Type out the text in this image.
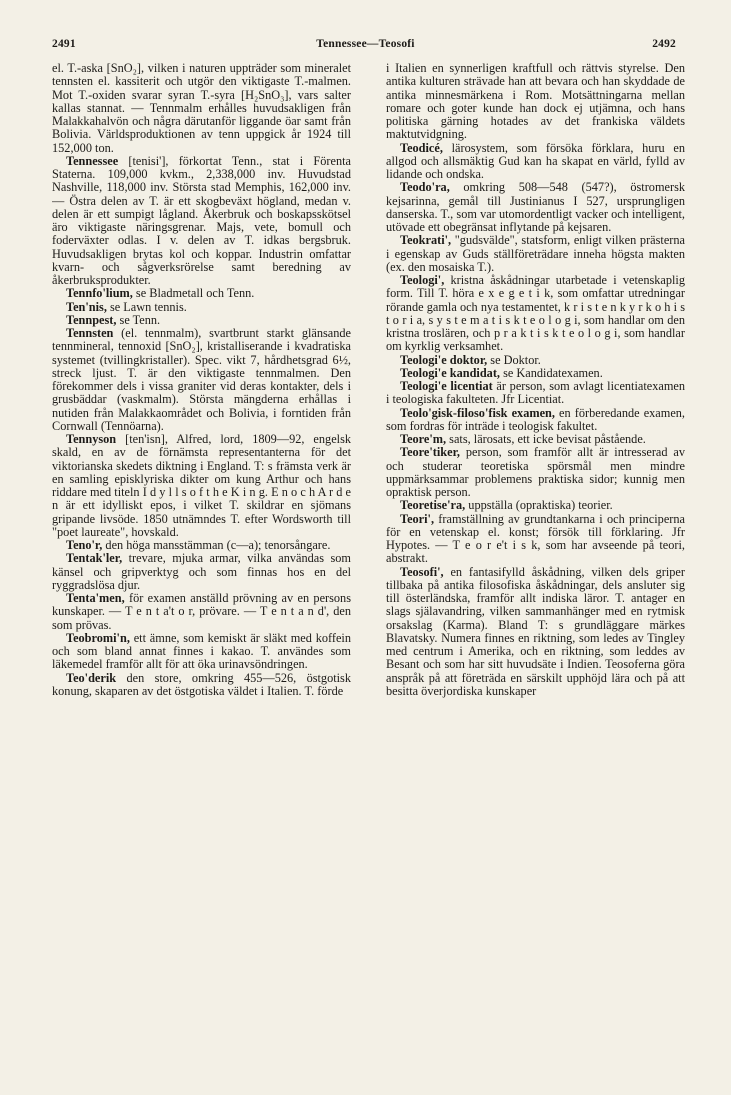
2491	Tennessee—Teosofi	2492

el. T.-aska [SnO₂], vilken i naturen uppträder som mineralet tennsten el. kassiterit och utgör den viktigaste T.-malmen. Mot T.-oxiden svarar syran T.-syra [H₂SnO₃], vars salter kallas stannat. — Tennmalm erhålles huvudsakligen från Malakkahalvön och några därutanför liggande öar samt från Bolivia. Världsproduktionen av tenn uppgick år 1924 till 152,000 ton.

Tennessee [tenisi'], förkortat Tenn., stat i Förenta Staterna. 109,000 kvkm., 2,338,000 inv. Huvudstad Nashville, 118,000 inv. Största stad Memphis, 162,000 inv. — Östra delen av T. är ett skogbeväxt högland, medan v. delen är ett sumpigt lågland. Åkerbruk och boskapsskötsel äro viktigaste näringsgrenar. Majs, vete, bomull och foderväxter odlas. I v. delen av T. idkas bergsbruk. Huvudsakligen brytas kol och koppar. Industrin omfattar kvarn- och sågverksrörelse samt beredning av åkerbruksprodukter.

Tennfo'lium, se Bladmetall och Tenn.

Ten'nis, se Lawn tennis.

Tennpest, se Tenn.

Tennsten (el. tennmalm), svartbrunt starkt glänsande tennmineral, tennoxid [SnO₂], kristalliserande i kvadratiska systemet (tvillingkristaller). Spec. vikt 7, hårdhetsgrad 6½, streck ljust. T. är den viktigaste tennmalmen. Den förekommer dels i vissa graniter vid deras kontakter, dels i grusbäddar (vaskmalm). Största mängderna erhållas i nutiden från Malakkaområdet och Bolivia, i forntiden från Cornwall (Tennöarna).

Tennyson [ten'isn], Alfred, lord, 1809—92, engelsk skald, en av de förnämsta representanterna för det viktorianska skedets diktning i England. T: s främsta verk är en samling episklyriska dikter om kung Arthur och hans riddare med titeln I d y l l s o f t h e K i n g. E n o c h A r d e n är ett idylliskt epos, i vilket T. skildrar en sjömans gripande livsöde. 1850 utnämndes T. efter Wordsworth till "poet laureate", hovskald.

Teno'r, den höga mansstämman (c—a); tenorsångare.

Tentak'ler, trevare, mjuka armar, vilka användas som känsel och gripverktyg och som finnas hos en del ryggradslösa djur.

Tenta'men, för examen anställd prövning av en persons kunskaper. — T e n t a't o r, prövare. — T e n t a n d', den som prövas.

Teobromi'n, ett ämne, som kemiskt är släkt med koffein och som bland annat finnes i kakao. T. användes som läkemedel framför allt för att öka urinavsöndringen.

Teo'derik den store, omkring 455—526, östgotisk konung, skaparen av det östgotiska väldet i Italien. T. förde

i Italien en synnerligen kraftfull och rättvis styrelse. Den antika kulturen strävade han att bevara och han skyddade de antika minnesmärkena i Rom. Motsättningarna mellan romare och goter kunde han dock ej utjämna, och hans politiska gärning hotades av det frankiska väldets maktutvidgning.

Teodicé, lärosystem, som försöka förklara, huru en allgod och allsmäktig Gud kan ha skapat en värld, fylld av lidande och ondska.

Teodo'ra, omkring 508—548 (547?), östromersk kejsarinna, gemål till Justinianus I 527, ursprungligen danserska. T., som var utomordentligt vacker och intelligent, utövade ett obegränsat inflytande på kejsaren.

Teokrati', "gudsvälde", statsform, enligt vilken prästerna i egenskap av Guds ställföreträdare inneha högsta makten (ex. den mosaiska T.).

Teologi', kristna åskådningar utarbetade i vetenskaplig form. Till T. höra e x e g e t i k, som omfattar utredningar rörande gamla och nya testamentet, k r i s t e n k y r k o h i s t o r i a, s y s t e m a t i s k t e o l o g i, som handlar om den kristna troslären, och p r a k t i s k t e o l o g i, som handlar om kyrklig verksamhet.

Teologi'e doktor, se Doktor.

Teologi'e kandidat, se Kandidatexamen.

Teologi'e licentiat är person, som avlagt licentiatexamen i teologiska fakulteten. Jfr Licentiat.

Teolo'gisk-filoso'fisk examen, en förberedande examen, som fordras för inträde i teologisk fakultet.

Teore'm, sats, lärosats, ett icke bevisat påstående.

Teore'tiker, person, som framför allt är intresserad av och studerar teoretiska spörsmål men mindre uppmärksammar problemens praktiska sidor; kunnig men opraktisk person.

Teoretise'ra, uppställa (opraktiska) teorier.

Teori', framställning av grundtankarna i och principerna för en vetenskap el. konst; försök till förklaring. Jfr Hypotes. — T e o r e't i s k, som har avseende på teori, abstrakt.

Teosofi', en fantasifylld åskådning, vilken dels griper tillbaka på antika filosofiska åskådningar, dels ansluter sig till österländska, framför allt indiska läror. T. antager en slags själavandring, vilken sammanhänger med en rytmisk orsakslag (Karma). Bland T: s grundläggare märkes Blavatsky. Numera finnes en riktning, som ledes av Tingley med centrum i Amerika, och en riktning, som leddes av Besant och som har sitt huvudsäte i Indien. Teosoferna göra anspråk på att företräda en särskilt upphöjd lära och på att besitta överjordiska kunskaper
